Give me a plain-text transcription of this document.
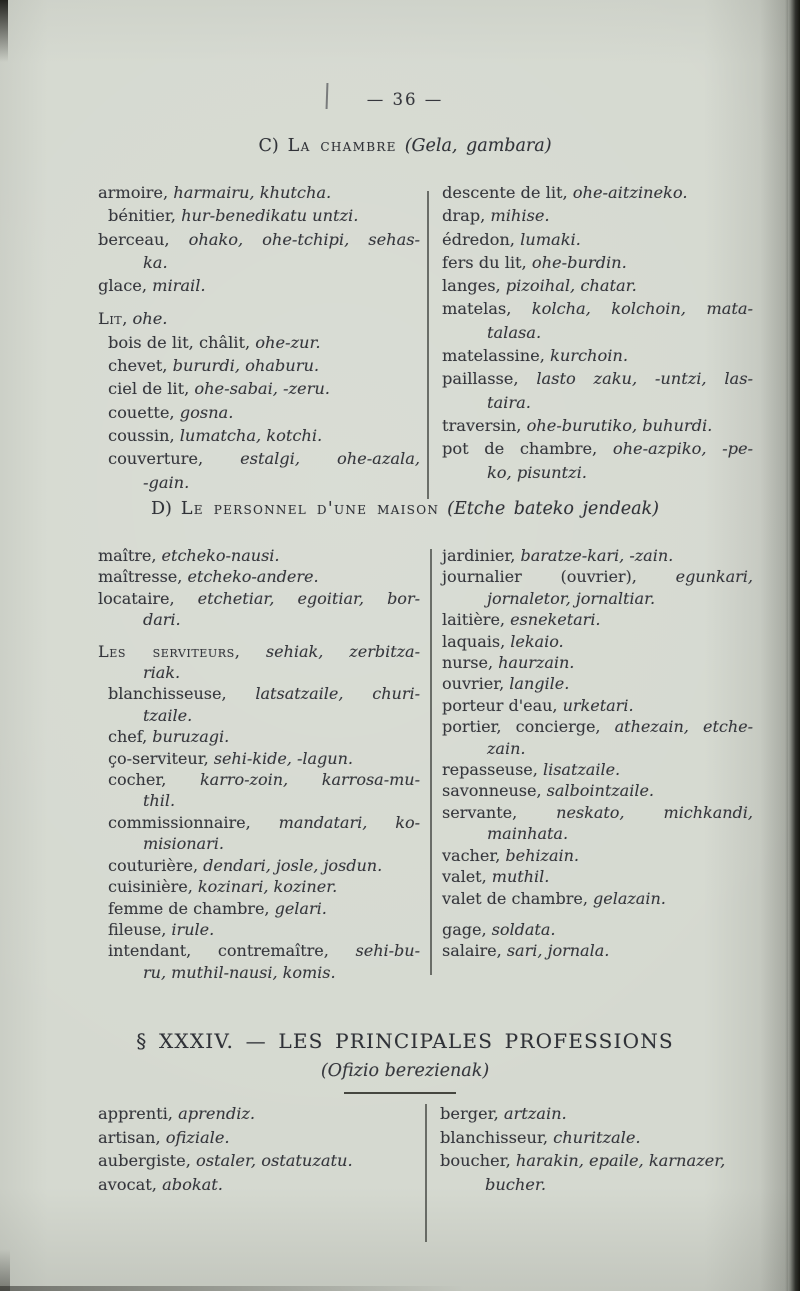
— 36 —
C) La chambre (Gela, gambara)
armoire, harmairu, khutcha.
bénitier, hur-benedikatu untzi.
berceau, ohako, ohe-tchipi, sehas-
ka.
glace, mirail.
Lit, ohe.
bois de lit, châlit, ohe-zur.
chevet, bururdi, ohaburu.
ciel de lit, ohe-sabai, -zeru.
couette, gosna.
coussin, lumatcha, kotchi.
couverture, estalgi, ohe-azala,
-gain.
descente de lit, ohe-aitzineko.
drap, mihise.
édredon, lumaki.
fers du lit, ohe-burdin.
langes, pizoihal, chatar.
matelas, kolcha, kolchoin, mata-
talasa.
matelassine, kurchoin.
paillasse, lasto zaku, -untzi, las-
taira.
traversin, ohe-burutiko, buhurdi.
pot de chambre, ohe-azpiko, -pe-
ko, pisuntzi.
D) Le personnel d'une maison (Etche bateko jendeak)
maître, etcheko-nausi.
maîtresse, etcheko-andere.
locataire, etchetiar, egoitiar, bor-
dari.
Les serviteurs, sehiak, zerbitza-
riak.
blanchisseuse, latsatzaile, churi-
tzaile.
chef, buruzagi.
ço-serviteur, sehi-kide, -lagun.
cocher, karro-zoin, karrosa-mu-
thil.
commissionnaire, mandatari, ko-
misionari.
couturière, dendari, josle, josdun.
cuisinière, kozinari, koziner.
femme de chambre, gelari.
fileuse, irule.
intendant, contremaître, sehi-bu-
ru, muthil-nausi, komis.
jardinier, baratze-kari, -zain.
journalier (ouvrier), egunkari,
jornaletor, jornaltiar.
laitière, esneketari.
laquais, lekaio.
nurse, haurzain.
ouvrier, langile.
porteur d'eau, urketari.
portier, concierge, athezain, etche-
zain.
repasseuse, lisatzaile.
savonneuse, salbointzaile.
servante, neskato, michkandi,
mainhata.
vacher, behizain.
valet, muthil.
valet de chambre, gelazain.
gage, soldata.
salaire, sari, jornala.
§ XXXIV. — LES PRINCIPALES PROFESSIONS
(Ofizio berezienak)
apprenti, aprendiz.
artisan, ofiziale.
aubergiste, ostaler, ostatuzatu.
avocat, abokat.
berger, artzain.
blanchisseur, churitzale.
boucher, harakin, epaile, karnazer,
bucher.
